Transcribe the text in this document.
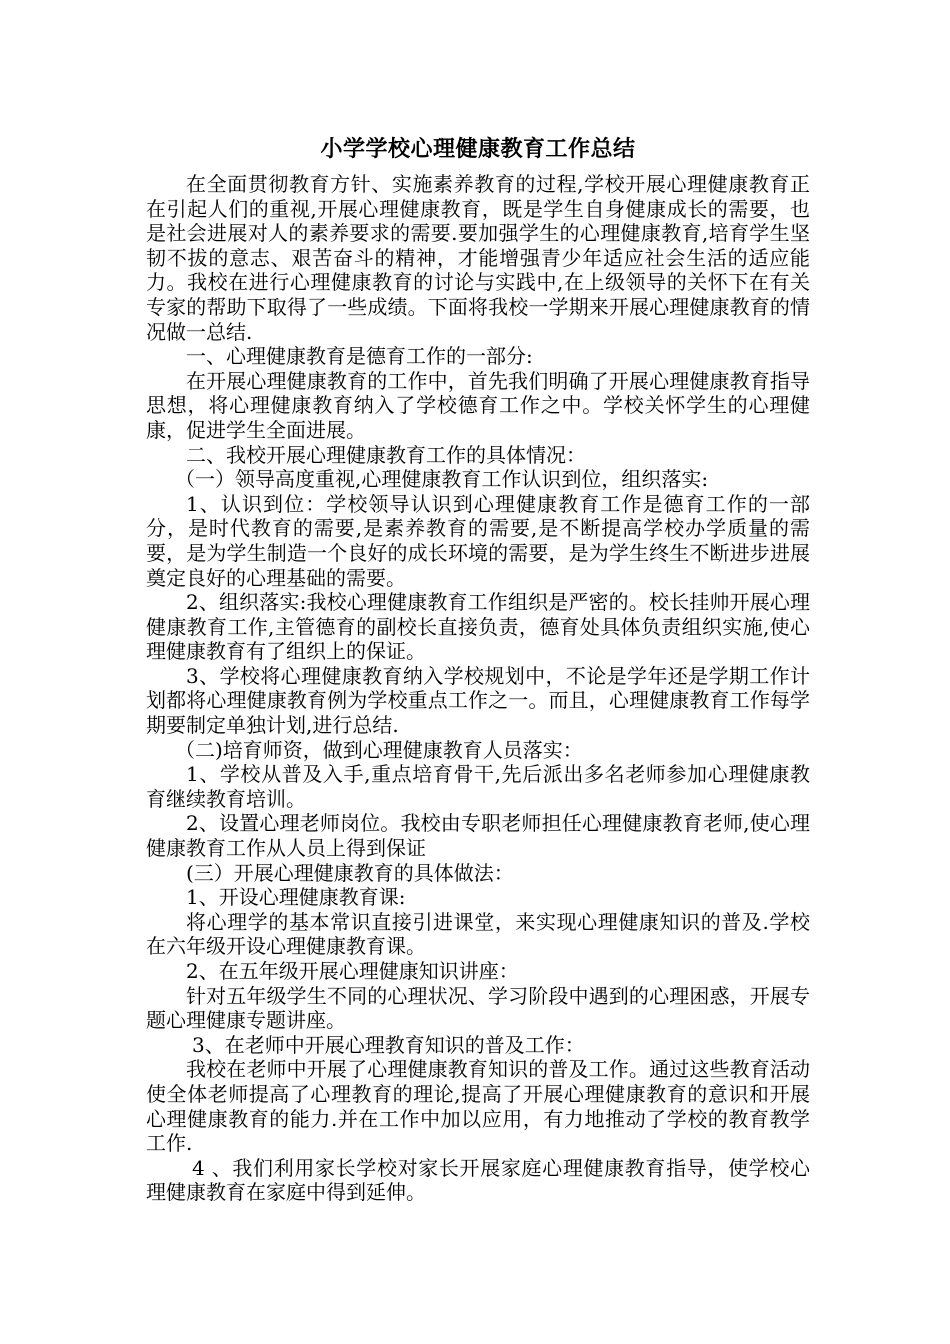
小学学校心理健康教育工作总结

在全面贯彻教育方针、实施素养教育的过程,学校开展心理健康教育正在引起人们的重视,开展心理健康教育，既是学生自身健康成长的需要，也是社会进展对人的素养要求的需要.要加强学生的心理健康教育,培育学生坚韧不拔的意志、艰苦奋斗的精神，才能增强青少年适应社会生活的适应能力。我校在进行心理健康教育的讨论与实践中,在上级领导的关怀下在有关专家的帮助下取得了一些成绩。下面将我校一学期来开展心理健康教育的情况做一总结.

一、心理健康教育是德育工作的一部分:

在开展心理健康教育的工作中，首先我们明确了开展心理健康教育指导思想，将心理健康教育纳入了学校德育工作之中。学校关怀学生的心理健康，促进学生全面进展。

二、我校开展心理健康教育工作的具体情况：

（一）领导高度重视,心理健康教育工作认识到位，组织落实:

1、认识到位：学校领导认识到心理健康教育工作是德育工作的一部分，是时代教育的需要,是素养教育的需要,是不断提高学校办学质量的需要，是为学生制造一个良好的成长环境的需要，是为学生终生不断进步进展奠定良好的心理基础的需要。

2、组织落实:我校心理健康教育工作组织是严密的。校长挂帅开展心理健康教育工作,主管德育的副校长直接负责，德育处具体负责组织实施,使心理健康教育有了组织上的保证。

3、学校将心理健康教育纳入学校规划中，不论是学年还是学期工作计划都将心理健康教育例为学校重点工作之一。而且，心理健康教育工作每学期要制定单独计划,进行总结.

（二)培育师资，做到心理健康教育人员落实：

1、学校从普及入手,重点培育骨干,先后派出多名老师参加心理健康教育继续教育培训。

2、设置心理老师岗位。我校由专职老师担任心理健康教育老师,使心理健康教育工作从人员上得到保证

(三）开展心理健康教育的具体做法：

1、开设心理健康教育课:

将心理学的基本常识直接引进课堂，来实现心理健康知识的普及.学校在六年级开设心理健康教育课。

2、在五年级开展心理健康知识讲座：

针对五年级学生不同的心理状况、学习阶段中遇到的心理困惑，开展专题心理健康专题讲座。

3、在老师中开展心理教育知识的普及工作：

我校在老师中开展了心理健康教育知识的普及工作。通过这些教育活动使全体老师提高了心理教育的理论,提高了开展心理健康教育的意识和开展心理健康教育的能力.并在工作中加以应用，有力地推动了学校的教育教学工作.

4 、我们利用家长学校对家长开展家庭心理健康教育指导，使学校心理健康教育在家庭中得到延伸。
